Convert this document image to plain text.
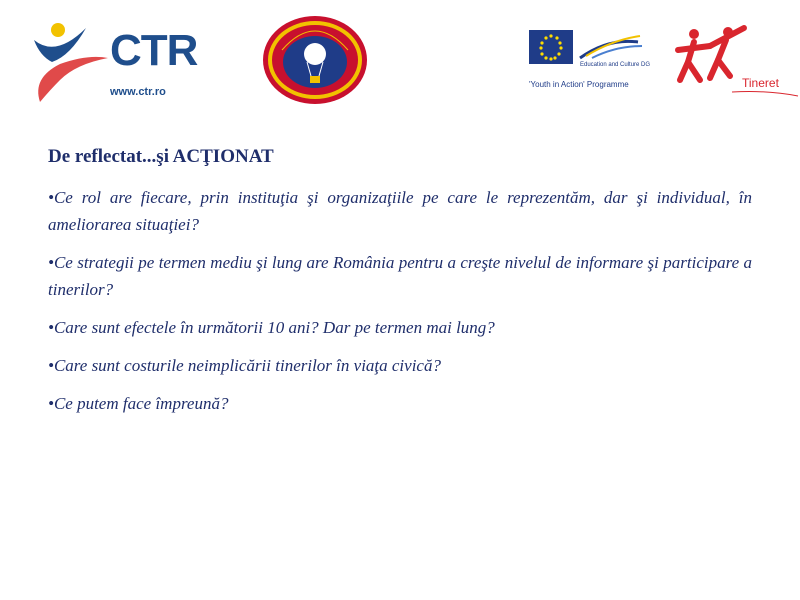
CTR
www.ctr.ro
Education and Culture DG
'Youth in Action' Programme	Tineret
De reflectat...şi ACŢIONAT

•Ce rol are fiecare, prin instituţia şi organizaţiile pe care le reprezentăm, dar şi individual, în ameliorarea situaţiei?

•Ce strategii pe termen mediu şi lung are România pentru a creşte nivelul de informare şi participare a tinerilor?

•Care sunt efectele în următorii 10 ani? Dar pe termen mai lung?

•Care sunt costurile neimplicării tinerilor în viaţa civică?

•Ce putem face împreună?
